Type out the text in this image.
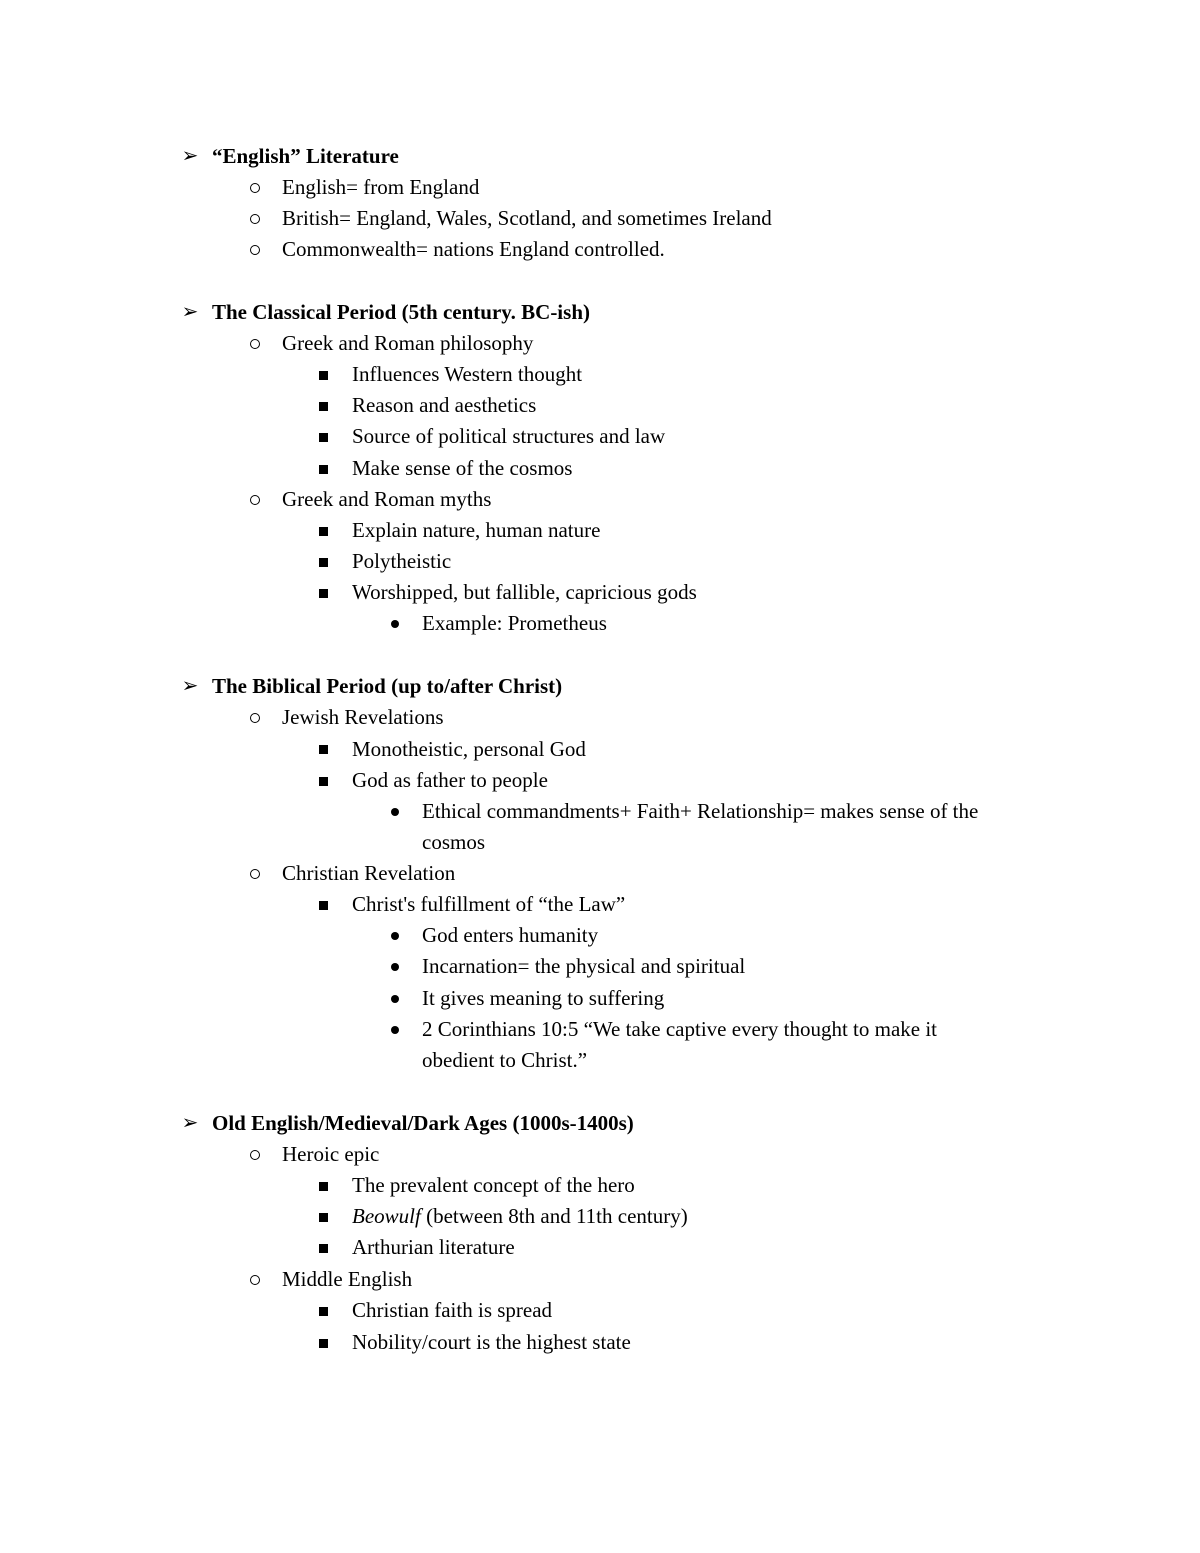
➢ “English” Literature
English= from England
British= England, Wales, Scotland, and sometimes Ireland
Commonwealth= nations England controlled.
➢ The Classical Period (5th century. BC-ish)
Greek and Roman philosophy
Influences Western thought
Reason and aesthetics
Source of political structures and law
Make sense of the cosmos
Greek and Roman myths
Explain nature, human nature
Polytheistic
Worshipped, but fallible, capricious gods
Example: Prometheus
➢ The Biblical Period (up to/after Christ)
Jewish Revelations
Monotheistic, personal God
God as father to people
Ethical commandments+ Faith+ Relationship= makes sense of the
cosmos
Christian Revelation
Christ's fulfillment of “the Law”
God enters humanity
Incarnation= the physical and spiritual
It gives meaning to suffering
2 Corinthians 10:5 “We take captive every thought to make it
obedient to Christ.”
➢ Old English/Medieval/Dark Ages (1000s-1400s)
Heroic epic
The prevalent concept of the hero
Beowulf (between 8th and 11th century)
Arthurian literature
Middle English
Christian faith is spread
Nobility/court is the highest state
